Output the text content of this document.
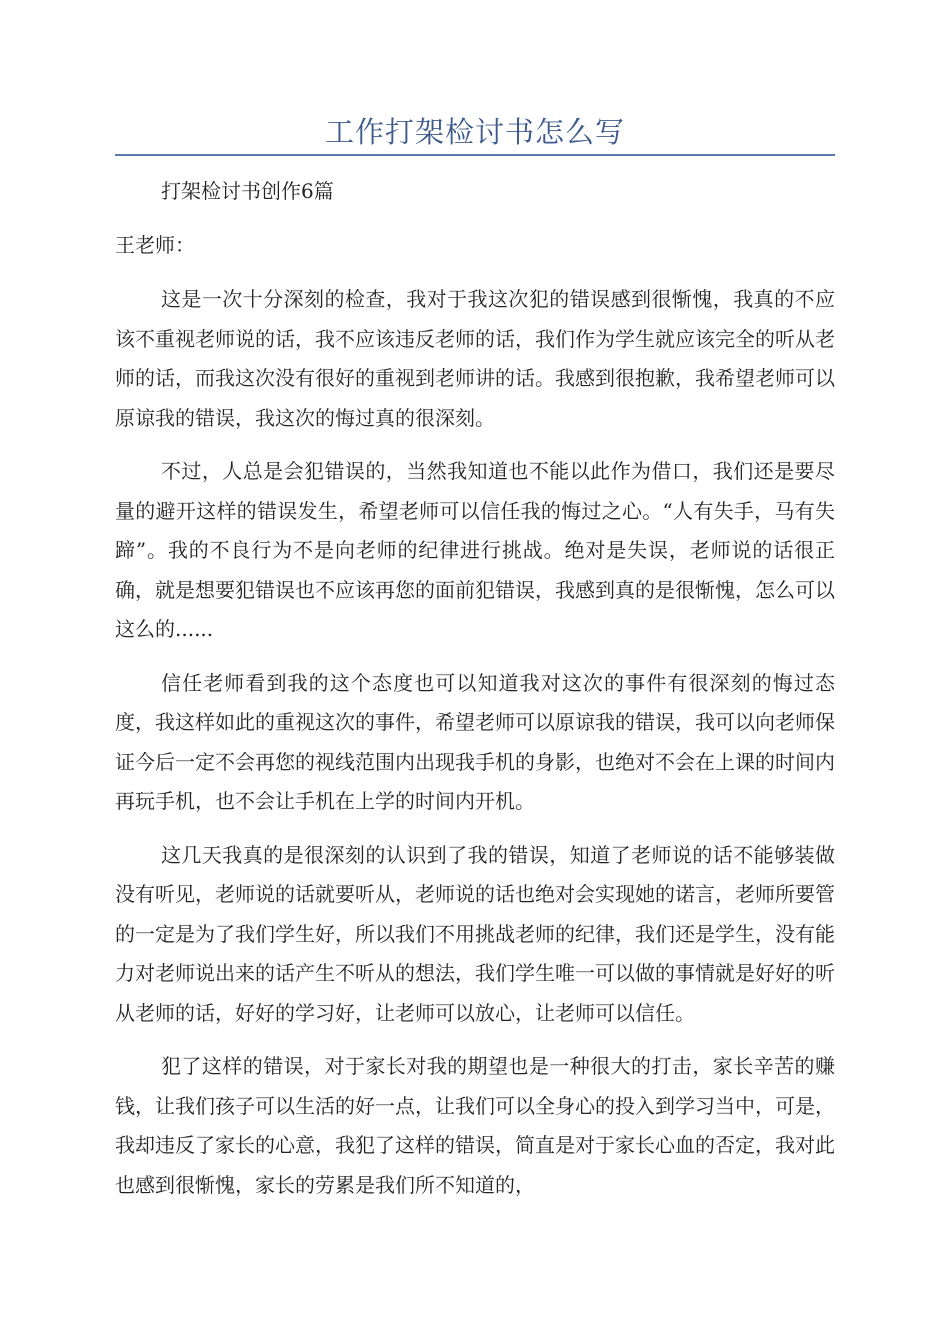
工作打架检讨书怎么写

打架检讨书创作6篇

王老师：

这是一次十分深刻的检查，我对于我这次犯的错误感到很惭愧，我真的不应该不重视老师说的话，我不应该违反老师的话，我们作为学生就应该完全的听从老师的话，而我这次没有很好的重视到老师讲的话。我感到很抱歉，我希望老师可以原谅我的错误，我这次的悔过真的很深刻。

不过，人总是会犯错误的，当然我知道也不能以此作为借口，我们还是要尽量的避开这样的错误发生，希望老师可以信任我的悔过之心。“人有失手，马有失蹄”。我的不良行为不是向老师的纪律进行挑战。绝对是失误，老师说的话很正确，就是想要犯错误也不应该再您的面前犯错误，我感到真的是很惭愧，怎么可以这么的......

信任老师看到我的这个态度也可以知道我对这次的事件有很深刻的悔过态度，我这样如此的重视这次的事件，希望老师可以原谅我的错误，我可以向老师保证今后一定不会再您的视线范围内出现我手机的身影，也绝对不会在上课的时间内再玩手机，也不会让手机在上学的时间内开机。

这几天我真的是很深刻的认识到了我的错误，知道了老师说的话不能够装做没有听见，老师说的话就要听从，老师说的话也绝对会实现她的诺言，老师所要管的一定是为了我们学生好，所以我们不用挑战老师的纪律，我们还是学生，没有能力对老师说出来的话产生不听从的想法，我们学生唯一可以做的事情就是好好的听从老师的话，好好的学习好，让老师可以放心，让老师可以信任。

犯了这样的错误，对于家长对我的期望也是一种很大的打击，家长辛苦的赚钱，让我们孩子可以生活的好一点，让我们可以全身心的投入到学习当中，可是，我却违反了家长的心意，我犯了这样的错误，简直是对于家长心血的否定，我对此也感到很惭愧，家长的劳累是我们所不知道的，
